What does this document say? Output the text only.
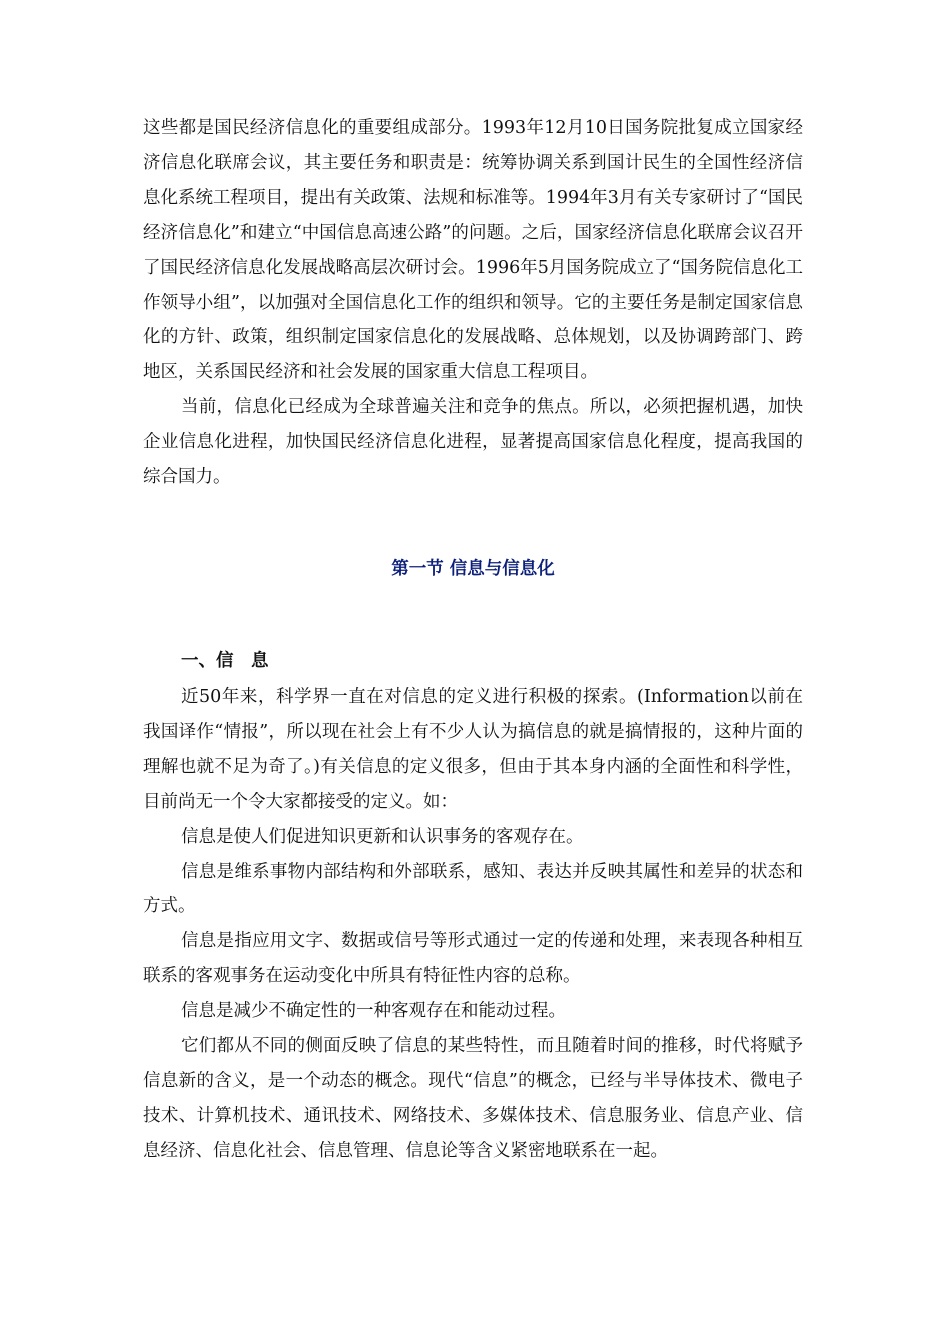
这些都是国民经济信息化的重要组成部分。1993年12月10日国务院批复成立国家经济信息化联席会议，其主要任务和职责是：统筹协调关系到国计民生的全国性经济信息化系统工程项目，提出有关政策、法规和标准等。1994年3月有关专家研讨了“国民经济信息化”和建立“中国信息高速公路”的问题。之后，国家经济信息化联席会议召开了国民经济信息化发展战略高层次研讨会。1996年5月国务院成立了“国务院信息化工作领导小组”，以加强对全国信息化工作的组织和领导。它的主要任务是制定国家信息化的方针、政策，组织制定国家信息化的发展战略、总体规划，以及协调跨部门、跨地区，关系国民经济和社会发展的国家重大信息工程项目。

当前，信息化已经成为全球普遍关注和竞争的焦点。所以，必须把握机遇，加快企业信息化进程，加快国民经济信息化进程，显著提高国家信息化程度，提高我国的综合国力。

第一节 信息与信息化
一、信　息

近50年来，科学界一直在对信息的定义进行积极的探索。(Information以前在我国译作“情报”，所以现在社会上有不少人认为搞信息的就是搞情报的，这种片面的理解也就不足为奇了。)有关信息的定义很多，但由于其本身内涵的全面性和科学性，目前尚无一个令大家都接受的定义。如：

信息是使人们促进知识更新和认识事务的客观存在。

信息是维系事物内部结构和外部联系，感知、表达并反映其属性和差异的状态和方式。

信息是指应用文字、数据或信号等形式通过一定的传递和处理，来表现各种相互联系的客观事务在运动变化中所具有特征性内容的总称。

信息是减少不确定性的一种客观存在和能动过程。

它们都从不同的侧面反映了信息的某些特性，而且随着时间的推移，时代将赋予信息新的含义，是一个动态的概念。现代“信息”的概念，已经与半导体技术、微电子技术、计算机技术、通讯技术、网络技术、多媒体技术、信息服务业、信息产业、信息经济、信息化社会、信息管理、信息论等含义紧密地联系在一起。
